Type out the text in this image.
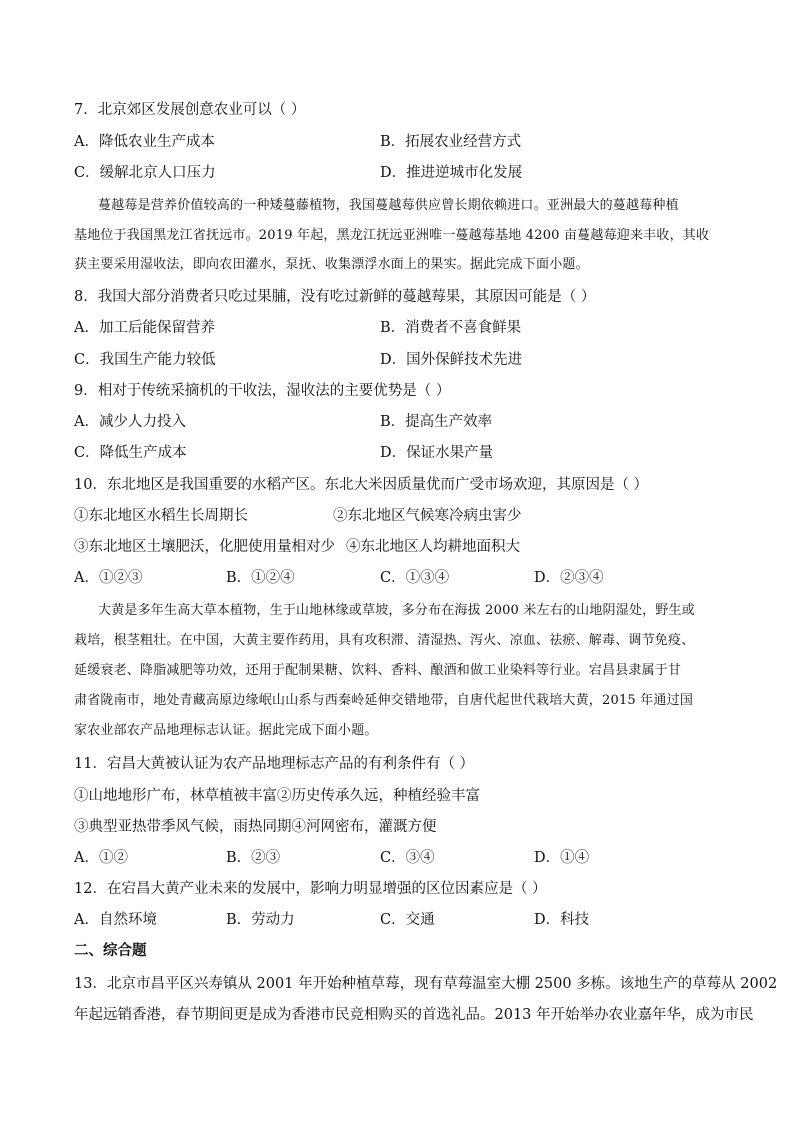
7．北京郊区发展创意农业可以（ ）
A．降低农业生产成本	B．拓展农业经营方式
C．缓解北京人口压力	D．推进逆城市化发展
蔓越莓是营养价值较高的一种矮蔓藤植物，我国蔓越莓供应曾长期依赖进口。亚洲最大的蔓越莓种植
基地位于我国黑龙江省抚远市。2019 年起，黑龙江抚远亚洲唯一蔓越莓基地 4200 亩蔓越莓迎来丰收，其收
获主要采用湿收法，即向农田灌水，泵抚、收集漂浮水面上的果实。据此完成下面小题。
8．我国大部分消费者只吃过果脯，没有吃过新鲜的蔓越莓果，其原因可能是（ ）
A．加工后能保留营养	B．消费者不喜食鲜果
C．我国生产能力较低	D．国外保鲜技术先进
9．相对于传统采摘机的干收法，湿收法的主要优势是（ ）
A．减少人力投入	B．提高生产效率
C．降低生产成本	D．保证水果产量
10．东北地区是我国重要的水稻产区。东北大米因质量优而广受市场欢迎，其原因是（ ）
①东北地区水稻生长周期长	②东北地区气候寒冷病虫害少
③东北地区土壤肥沃，化肥使用量相对少 ④东北地区人均耕地面积大
A．①②③	B．①②④	C．①③④	D．②③④
大黄是多年生高大草本植物，生于山地林缘或草坡，多分布在海拔 2000 米左右的山地阴湿处，野生或
栽培，根茎粗壮。在中国，大黄主要作药用，具有攻积滞、清湿热、泻火、凉血、祛瘀、解毒、调节免疫、
延缓衰老、降脂减肥等功效，还用于配制果糖、饮料、香料、酿酒和做工业染料等行业。宕昌县隶属于甘
肃省陇南市，地处青藏高原边缘岷山山系与西秦岭延伸交错地带，自唐代起世代栽培大黄，2015 年通过国
家农业部农产品地理标志认证。据此完成下面小题。
11．宕昌大黄被认证为农产品地理标志产品的有利条件有（ ）
①山地地形广布，林草植被丰富②历史传承久远，种植经验丰富
③典型亚热带季风气候，雨热同期④河网密布，灌溉方便
A．①②	B．②③	C．③④	D．①④
12．在宕昌大黄产业未来的发展中，影响力明显增强的区位因素应是（ ）
A．自然环境	B．劳动力	C．交通	D．科技
二、综合题
13．北京市昌平区兴寿镇从 2001 年开始种植草莓，现有草莓温室大棚 2500 多栋。该地生产的草莓从 2002
年起远销香港，春节期间更是成为香港市民竞相购买的首选礼品。2013 年开始举办农业嘉年华，成为市民
